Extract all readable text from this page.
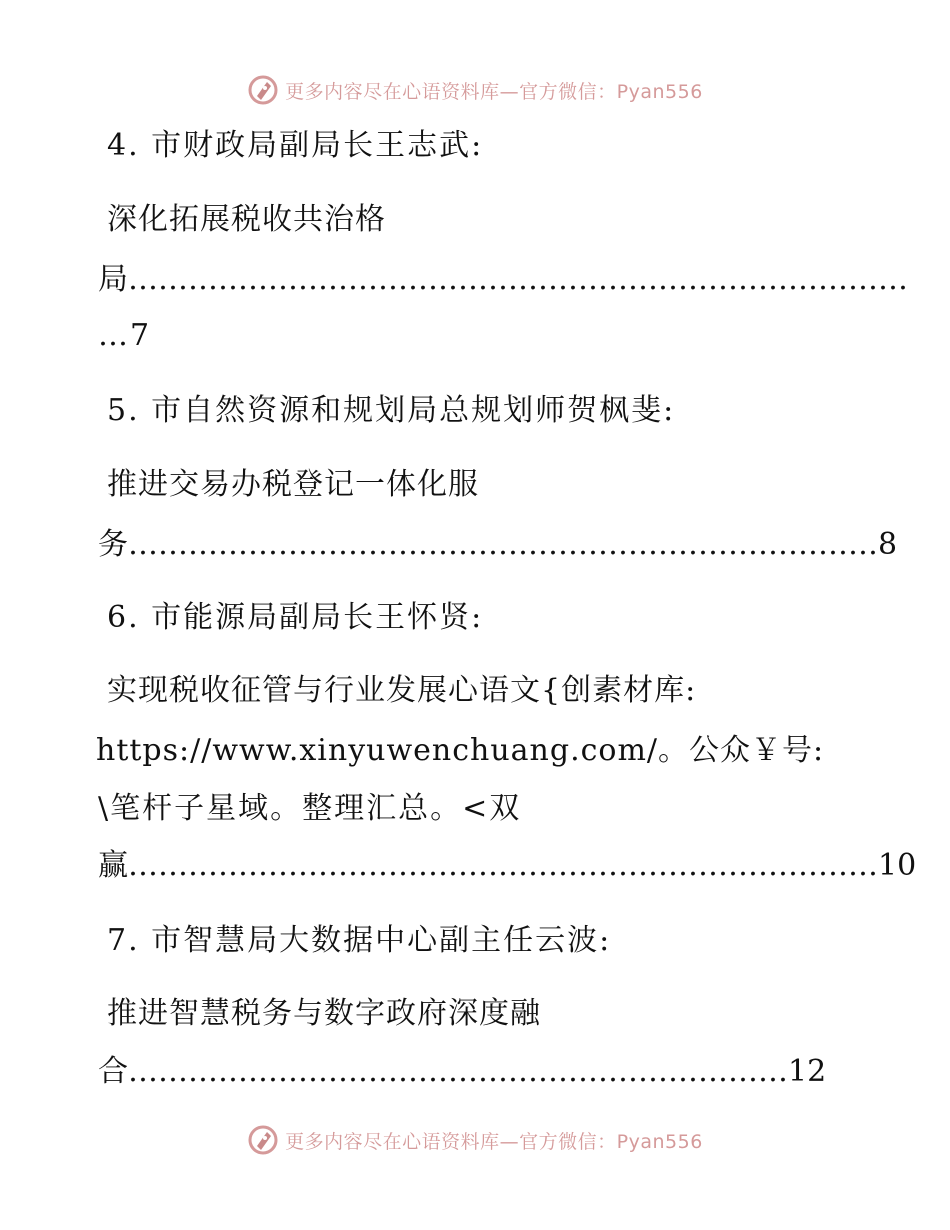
更多内容尽在心语资料库—官方微信：Pyan556
4. 市财政局副局长王志武:
深化拓展税收共治格
局……………………………………………………………………
…7
5. 市自然资源和规划局总规划师贺枫斐:
推进交易办税登记一体化服
务…………………………………………………………………8
6. 市能源局副局长王怀贤:
实现税收征管与行业发展心语文{创素材库:
https://www.xinyuwenchuang.com/。公众￥号:
\笔杆子星域。整理汇总。<双
赢…………………………………………………………………10
7. 市智慧局大数据中心副主任云波:
推进智慧税务与数字政府深度融
合…………………………………………………………12
更多内容尽在心语资料库—官方微信：Pyan556
